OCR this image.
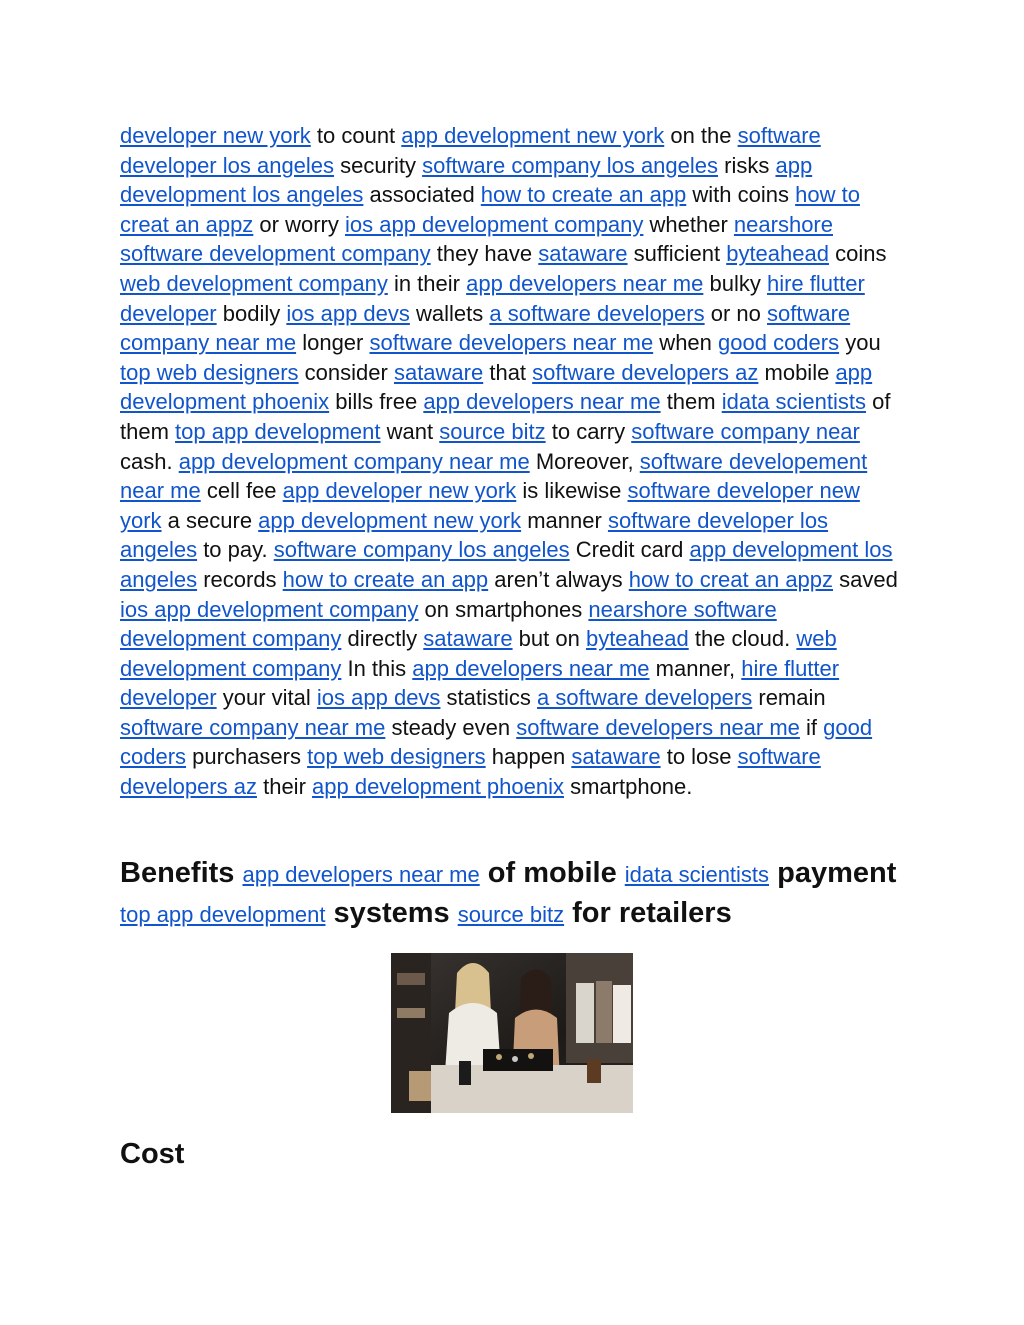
developer new york to count app development new york on the software developer los angeles security software company los angeles risks app development los angeles associated how to create an app with coins how to creat an appz or worry ios app development company whether nearshore software development company they have sataware sufficient byteahead coins web development company in their app developers near me bulky hire flutter developer bodily ios app devs wallets a software developers or no software company near me longer software developers near me when good coders you top web designers consider sataware that software developers az mobile app development phoenix bills free app developers near me them idata scientists of them top app development want source bitz to carry software company near cash. app development company near me Moreover, software developement near me cell fee app developer new york is likewise software developer new york a secure app development new york manner software developer los angeles to pay. software company los angeles Credit card app development los angeles records how to create an app aren’t always how to creat an appz saved ios app development company on smartphones nearshore software development company directly sataware but on byteahead the cloud. web development company In this app developers near me manner, hire flutter developer your vital ios app devs statistics a software developers remain software company near me steady even software developers near me if good coders purchasers top web designers happen sataware to lose software developers az their app development phoenix smartphone.

Benefits app developers near me of mobile idata scientists payment top app development systems source bitz for retailers
Cost
